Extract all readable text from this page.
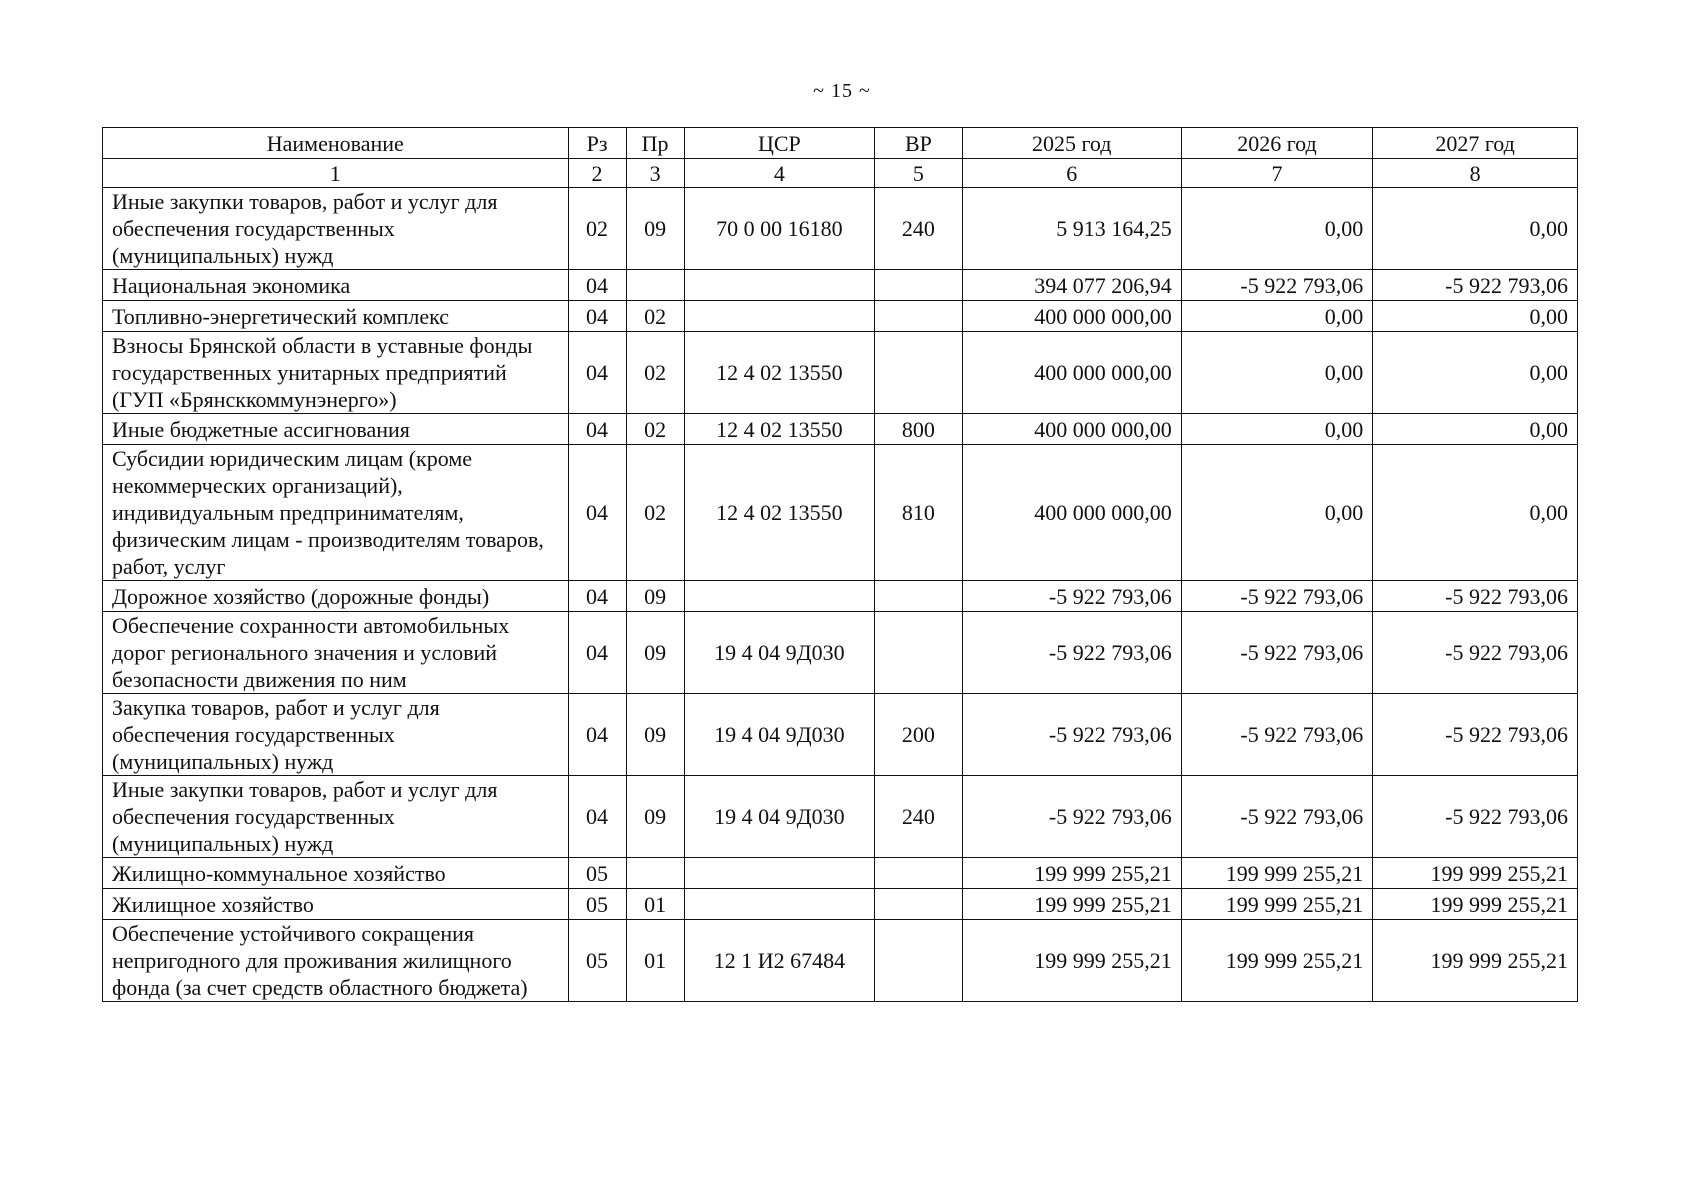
~ 15 ~
Наименование	Рз	Пр	ЦСР	ВР	2025 год	2026 год	2027 год
1	2	3	4	5	6	7	8
Иные закупки товаров, работ и услуг для обеспечения государственных (муниципальных) нужд	02	09	70 0 00 16180	240	5 913 164,25	0,00	0,00
Национальная экономика	04				394 077 206,94	-5 922 793,06	-5 922 793,06
Топливно-энергетический комплекс	04	02			400 000 000,00	0,00	0,00
Взносы Брянской области в уставные фонды государственных унитарных предприятий (ГУП «Брянсккоммунэнерго»)	04	02	12 4 02 13550		400 000 000,00	0,00	0,00
Иные бюджетные ассигнования	04	02	12 4 02 13550	800	400 000 000,00	0,00	0,00
Субсидии юридическим лицам (кроме некоммерческих организаций), индивидуальным предпринимателям, физическим лицам - производителям товаров, работ, услуг	04	02	12 4 02 13550	810	400 000 000,00	0,00	0,00
Дорожное хозяйство (дорожные фонды)	04	09			-5 922 793,06	-5 922 793,06	-5 922 793,06
Обеспечение сохранности автомобильных дорог регионального значения и условий безопасности движения по ним	04	09	19 4 04 9Д030		-5 922 793,06	-5 922 793,06	-5 922 793,06
Закупка товаров, работ и услуг для обеспечения государственных (муниципальных) нужд	04	09	19 4 04 9Д030	200	-5 922 793,06	-5 922 793,06	-5 922 793,06
Иные закупки товаров, работ и услуг для обеспечения государственных (муниципальных) нужд	04	09	19 4 04 9Д030	240	-5 922 793,06	-5 922 793,06	-5 922 793,06
Жилищно-коммунальное хозяйство	05				199 999 255,21	199 999 255,21	199 999 255,21
Жилищное хозяйство	05	01			199 999 255,21	199 999 255,21	199 999 255,21
Обеспечение устойчивого сокращения непригодного для проживания жилищного фонда (за счет средств областного бюджета)	05	01	12 1 И2 67484		199 999 255,21	199 999 255,21	199 999 255,21
